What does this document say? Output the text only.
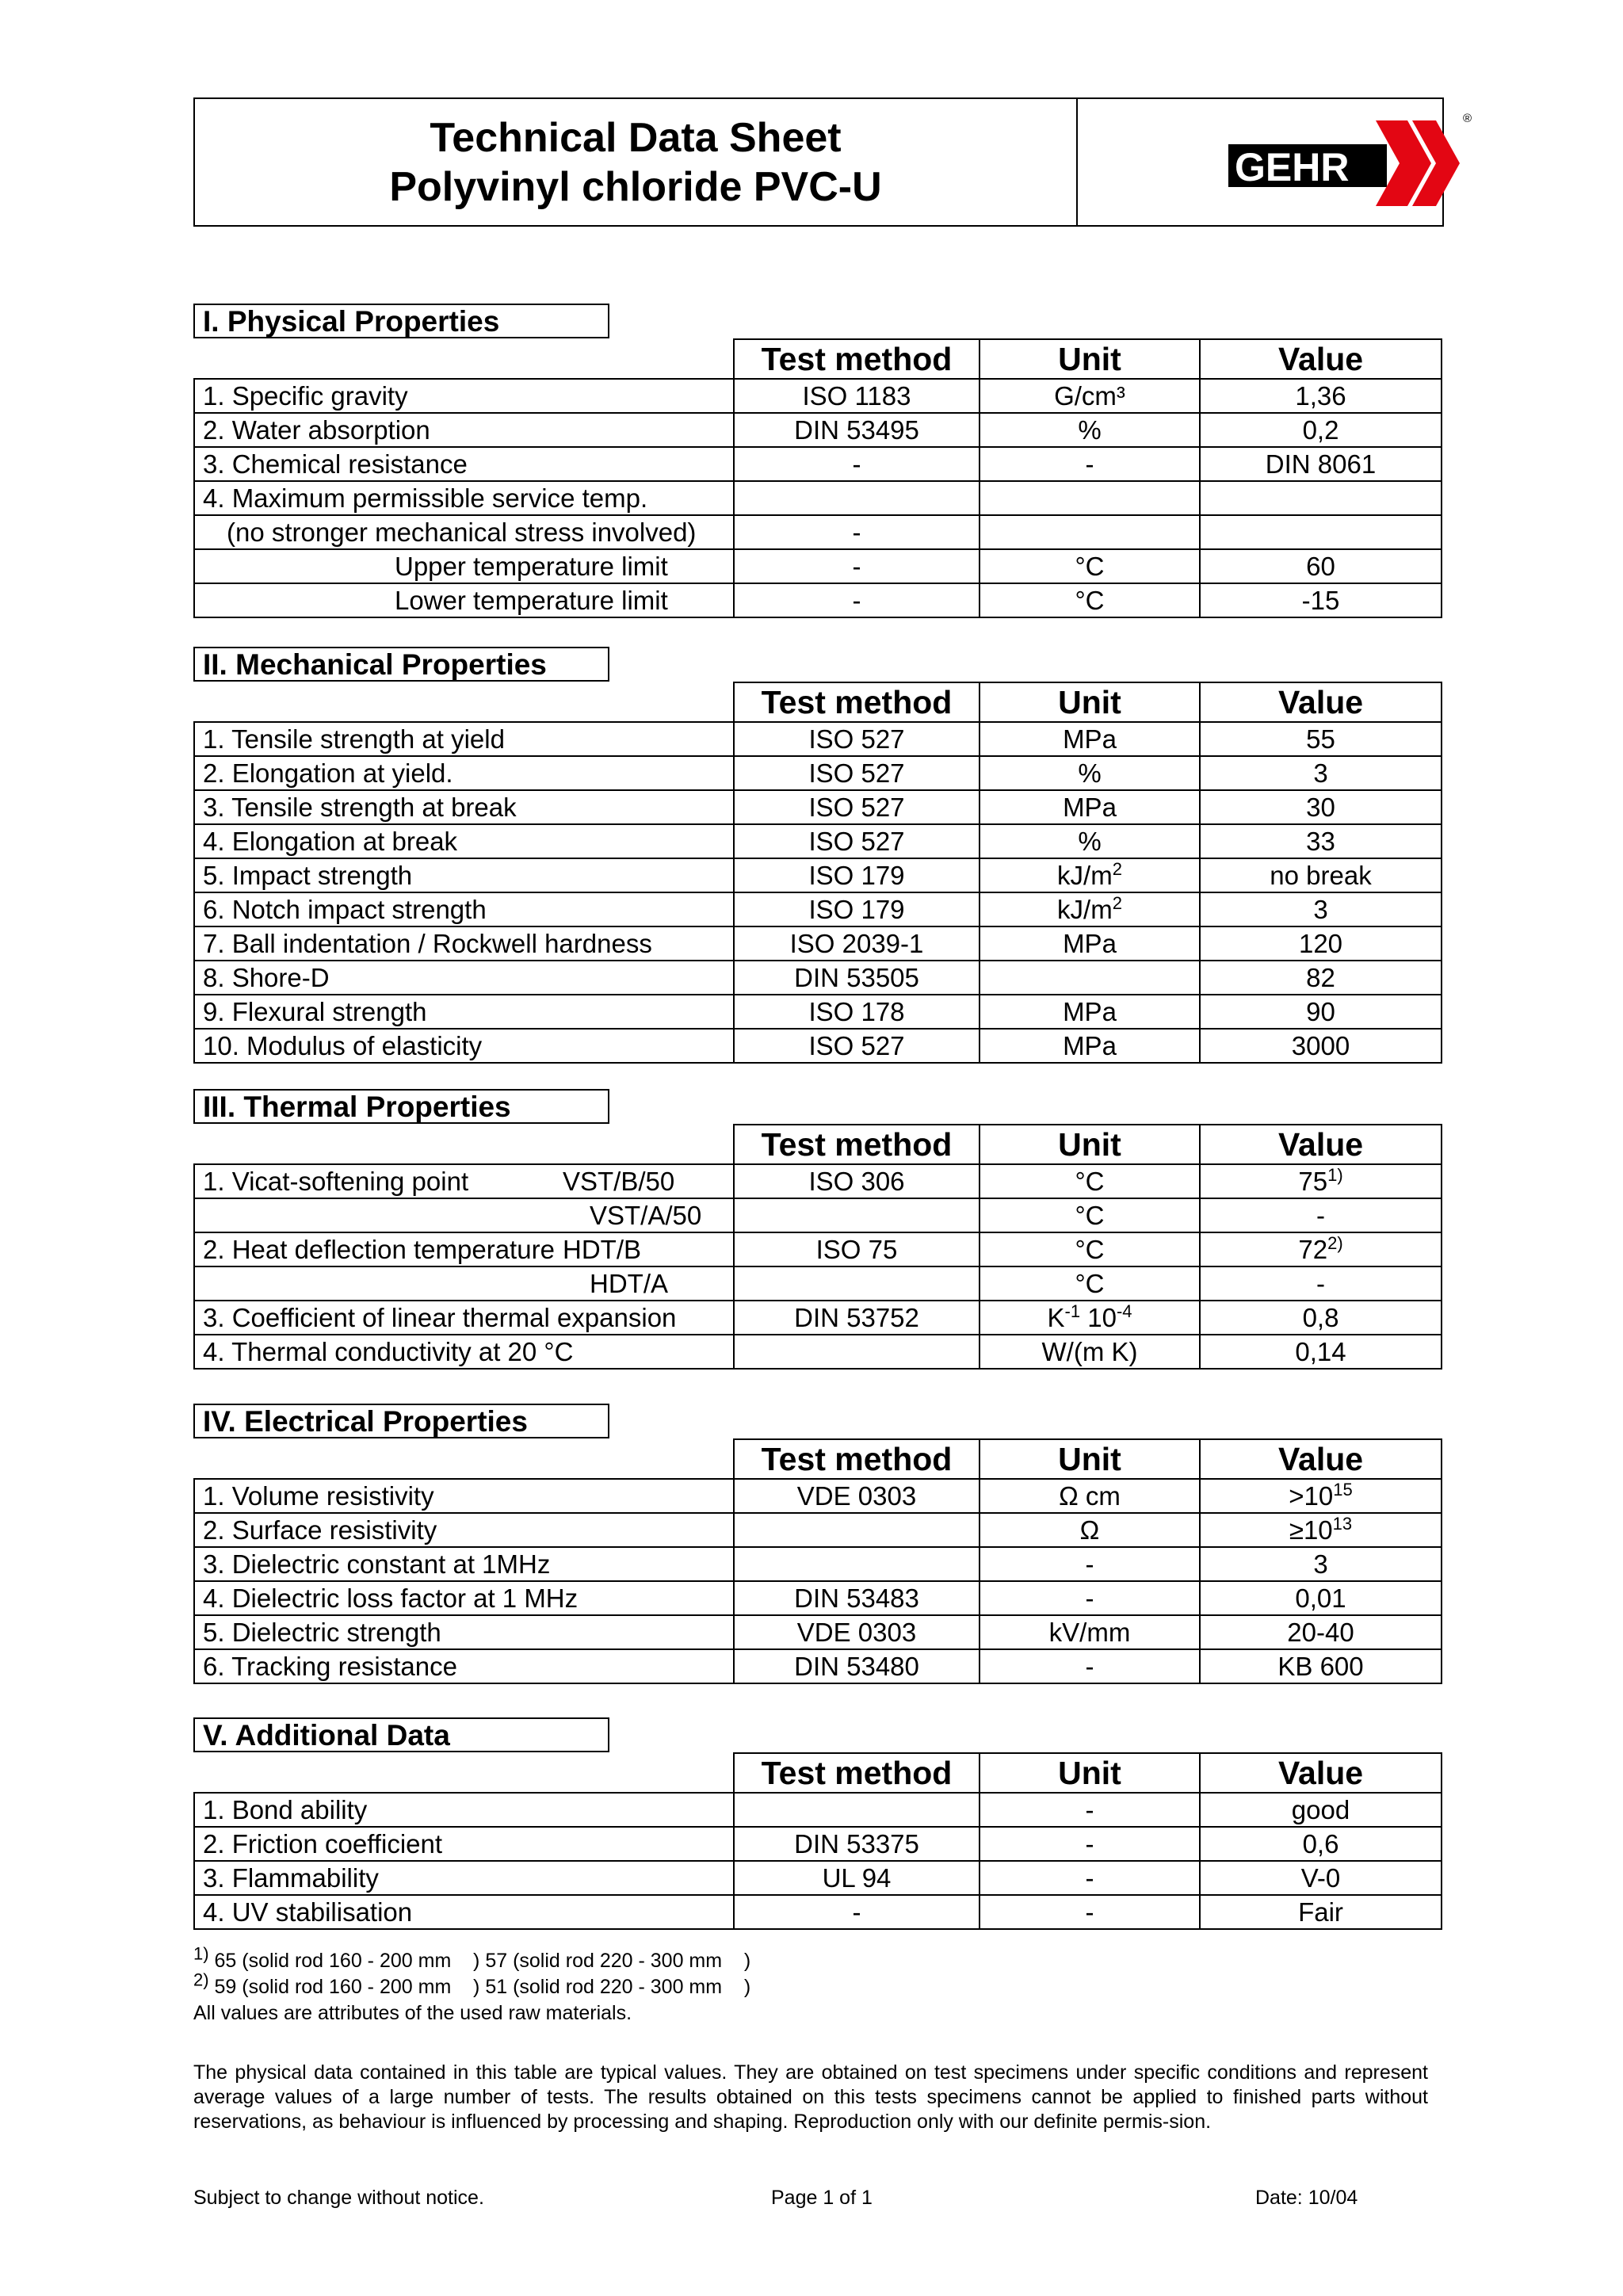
Technical Data Sheet
Polyvinyl chloride PVC-U	GEHR
®
I. Physical Properties
	Test method	Unit	Value
1. Specific gravity	ISO 1183	G/cm³	1,36
2. Water absorption	DIN 53495	%	0,2
3. Chemical resistance	-	-	DIN 8061
4. Maximum permissible service temp.			
(no stronger mechanical stress involved)	-		
Upper temperature limit	-	°C	60
Lower temperature limit	-	°C	-15
II. Mechanical Properties
	Test method	Unit	Value
1. Tensile strength at yield	ISO 527	MPa	55
2. Elongation at yield.	ISO 527	%	3
3. Tensile strength at break	ISO 527	MPa	30
4. Elongation at break	ISO 527	%	33
5. Impact strength	ISO 179	$kJ/m^2$	no break
6. Notch impact strength	ISO 179	$kJ/m^2$	3
7. Ball indentation / Rockwell hardness	ISO 2039-1	MPa	120
8. Shore-D	DIN 53505		82
9. Flexural strength	ISO 178	MPa	90
10. Modulus of elasticity	ISO 527	MPa	3000
III. Thermal Properties
	Test method	Unit	Value

1. Vicat-softening point VST/B/50	ISO 306	°C	75$^{1)}$
VST/A/50		°C	-

2. Heat deflection temperature HDT/B	ISO 75	°C	72$^{2)}$
HDT/A		°C	-
3. Coefficient of linear thermal expansion	DIN 53752	$K^{-1}$ $10^{-4}$	0,8
4. Thermal conductivity at 20 °C		W/(m K)	0,14
IV. Electrical Properties
	Test method	Unit	Value
1. Volume resistivity	VDE 0303	Ω cm	$>10^{15}$
2. Surface resistivity		Ω	$\ge 10^{13}$
3. Dielectric constant at 1MHz		-	3
4. Dielectric loss factor at 1 MHz	DIN 53483	-	0,01
5. Dielectric strength	VDE 0303	kV/mm	20-40
6. Tracking resistance	DIN 53480	-	KB 600
V. Additional Data
	Test method	Unit	Value
1. Bond ability		-	good
2. Friction coefficient	DIN 53375	-	0,6
3. Flammability	UL 94	-	V-0
4. UV stabilisation	-	-	Fair
$^{1)}$ 65 (solid rod 160 - 200 mm    ) 57 (solid rod 220 - 300 mm    )
$^{2)}$ 59 (solid rod 160 - 200 mm    ) 51 (solid rod 220 - 300 mm    )
All values are attributes of the used raw materials.
The physical data contained in this table are typical values. They are obtained on test specimens under specific conditions and represent average values of a large number of tests. The results obtained on this tests specimens cannot be applied to finished parts without reservations, as behaviour is influenced by processing and shaping. Reproduction only with our definite permis-sion.
Subject to change without notice.	Page 1 of 1	Date: 10/04
